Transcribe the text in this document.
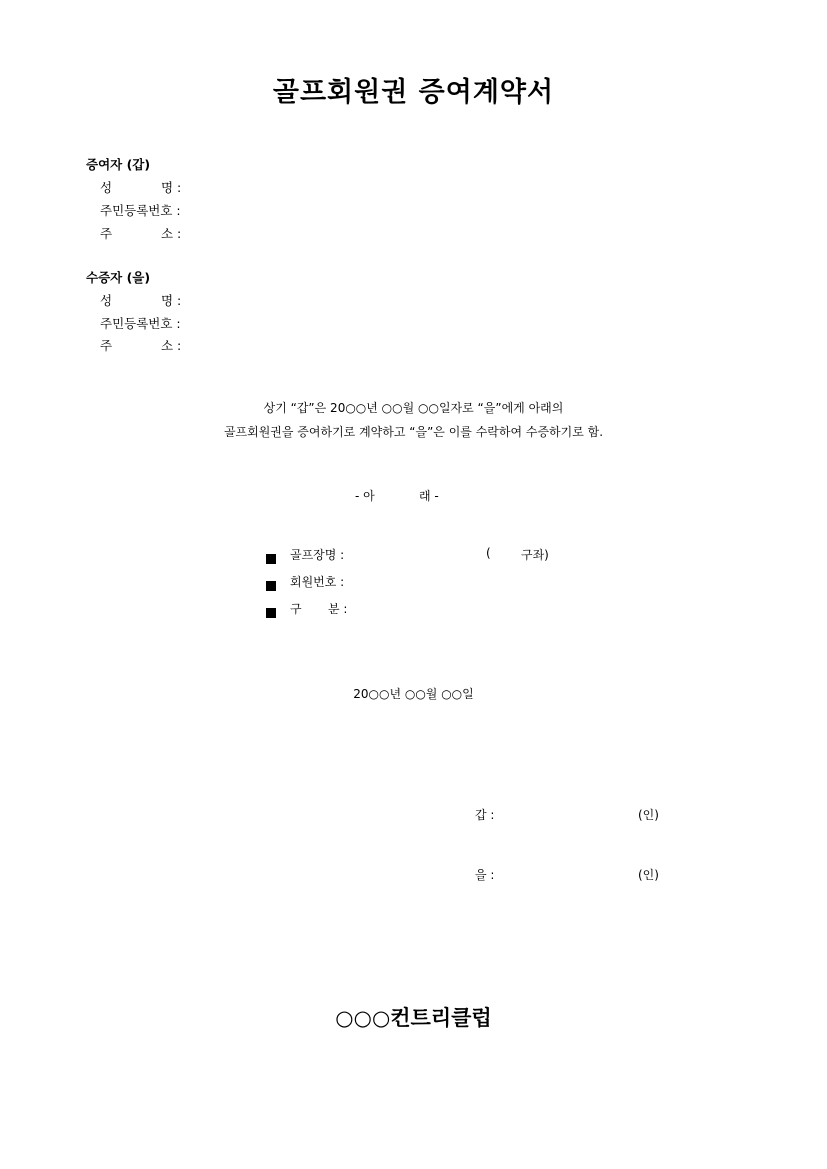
골프회원권 증여계약서
증여자 (갑)
성	명 :
주민등록번호 :
주	소 :
수증자 (을)
성	명 :
주민등록번호 :
주	소 :
상기 “갑”은 20○○년 ○○월 ○○일자로 “을”에게 아래의
골프회원권을 증여하기로 계약하고 “을”은 이를 수락하여 수증하기로 함.
- 아	래 -
골프장명 :	(	구좌)
회원번호 :
구 분 :
20○○년 ○○월 ○○일
갑 :	(인)
을 :	(인)
○○○컨트리클럽
